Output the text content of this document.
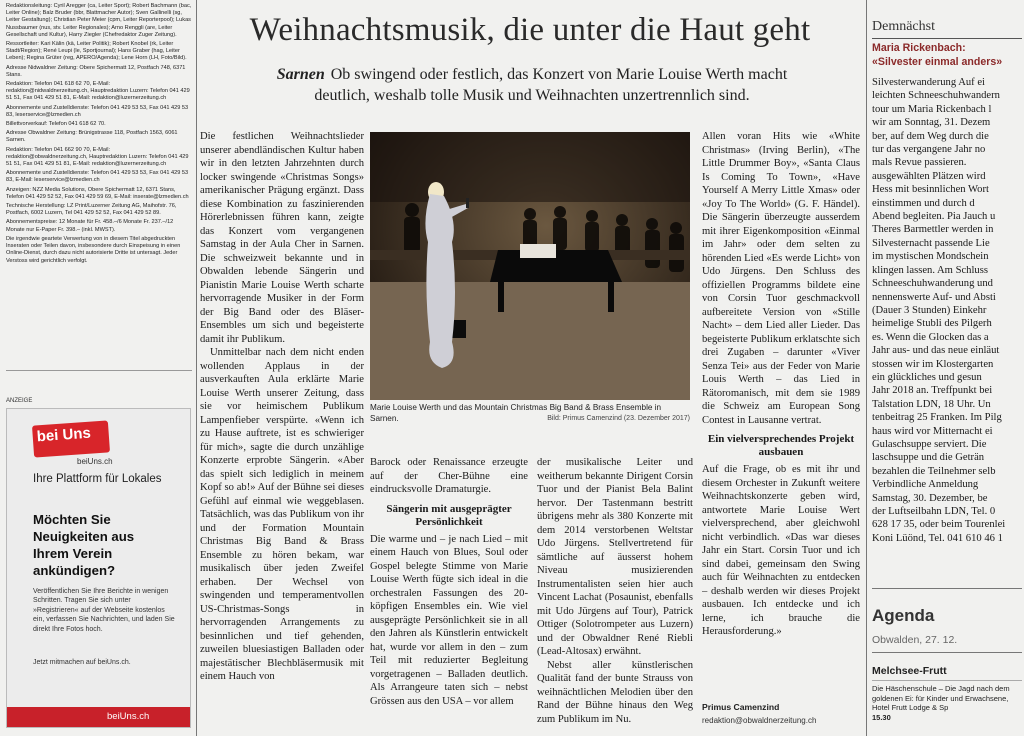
Redaktionsleitung: Cyril Aregger (ca, Leiter Sport); Robert Bachmann (bac, Leiter Online); Balz Bruder (bbr, Blattmacher Autor); Sven Gallinelli (sg, Leiter Gestaltung); Christian Peter Meier (cpm, Leiter Reporterpool); Lukas Nussbaumer (nus, stv. Leiter Regionales); Arno Renggli (are, Leiter Gesellschaft und Kultur), Harry Ziegler (Chefredaktor Zuger Zeitung).

Ressortleiter: Kari Kälin (kä, Leiter Politik); Robert Knobel (rk, Leiter Stadt/Region); René Leupi (le, Sportjournal); Hans Graber (hag, Leiter Leben); Regina Grüter (reg, APERO/Agenda); Lene Horn (LH, Foto/Bild).

Adresse Nidwaldner Zeitung: Obere Spichermatt 12, Postfach 748, 6371 Stans.

Redaktion: Telefon 041 618 62 70, E-Mail: redaktion@nidwaldnerzeitung.ch, Hauptredaktion Luzern: Telefon 041 429 51 51, Fax 041 429 51 81, E-Mail: redaktion@luzernerzeitung.ch

Abonnemente und Zustelldienste: Telefon 041 429 53 53, Fax 041 429 53 83, leserservice@lzmedien.ch

Billettvorverkauf: Telefon 041 618 62 70.

Adresse Obwaldner Zeitung: Brünigstrasse 118, Postfach 1563, 6061 Sarnen.

Redaktion: Telefon 041 662 90 70, E-Mail: redaktion@obwaldnerzeitung.ch, Hauptredaktion Luzern: Telefon 041 429 51 51, Fax 041 429 51 81, E-Mail: redaktion@luzernerzeitung.ch

Abonnemente und Zustelldienste: Telefon 041 429 53 53, Fax 041 429 53 83, E-Mail: leserservice@lzmedien.ch

Anzeigen: NZZ Media Solutions, Obere Spichermatt 12, 6371 Stans, Telefon 041 429 52 52, Fax 041 429 59 69, E-Mail: inserate@lzmedien.ch

Technische Herstellung: LZ Print/Luzerner Zeitung AG, Maihofstr. 76, Postfach, 6002 Luzern, Tel 041 429 52 52, Fax 041 429 52 89.

Abonnementspreise: 12 Monate für Fr. 458.–/6 Monate Fr. 237.–/12 Monate nur E-Paper Fr. 398.– (inkl. MWST).

Die irgendwie geartete Verwertung von in diesem Titel abgedruckten Inseraten oder Teilen davon, insbesondere durch Einspeisung in einen Online-Dienst, durch dazu nicht autorisierte Dritte ist untersagt. Jeder Verstoss wird gerichtlich verfolgt.

ANZEIGE
bei Uns
beiUns.ch
Ihre Plattform für Lokales
Möchten Sie Neuigkeiten aus Ihrem Verein ankündigen?
Veröffentlichen Sie Ihre Berichte in wenigen Schritten. Tragen Sie sich unter »Registrieren« auf der Webseite kostenlos ein, verfassen Sie Nachrichten, und laden Sie direkt Ihre Fotos hoch.
Jetzt mitmachen auf beiUns.ch.
beiUns.ch
Weihnachtsmusik, die unter die Haut geht
Sarnen Ob swingend oder festlich, das Konzert von Marie Louise Werth macht deutlich, weshalb tolle Musik und Weihnachten unzertrennlich sind.

Die festlichen Weihnachtslieder unserer abendländischen Kultur haben wir in den letzten Jahrzehnten durch locker swingende «Christmas Songs» amerikanischer Prägung ergänzt. Dass diese Kombination zu faszinierenden Hörerlebnissen führen kann, zeigte das Konzert vom vergangenen Samstag in der Aula Cher in Sarnen. Die schweizweit bekannte und in Obwalden lebende Sängerin und Pianistin Marie Louise Werth scharte hervorragende Musiker in der Form der Big Band oder des Bläser-Ensembles um sich und begeisterte damit ihr Publikum.

Unmittelbar nach dem nicht enden wollenden Applaus in der ausverkauften Aula erklärte Marie Louise Werth unserer Zeitung, dass sie vor heimischem Publikum Lampenfieber verspürte. «Wenn ich zu Hause auftrete, ist es schwieriger für mich», sagte die durch unzählige Konzerte erprobte Sängerin. «Aber das spielt sich lediglich in meinem Kopf so ab!» Auf der Bühne sei dieses Gefühl auf einmal wie weggeblasen. Tatsächlich, was das Publikum von ihr und der Formation Mountain Christmas Big Band & Brass Ensemble zu hören bekam, war musikalisch über jeden Zweifel erhaben. Der Wechsel von swingenden und temperamentvollen US-Christmas-Songs in hervorragenden Arrangements zu besinnlichen und tief gehenden, zuweilen bluesiastigen Balladen oder majestätischer Blechbläsermusik mit einem Hauch von

Marie Louise Werth und das Mountain Christmas Big Band & Brass Ensemble in Sarnen.	Bild: Primus Camenzind (23. Dezember 2017)

Barock oder Renaissance erzeugte auf der Cher-Bühne eine eindrucksvolle Dramaturgie.

Sängerin mit ausgeprägter Persönlichkeit

Die warme und – je nach Lied – mit einem Hauch von Blues, Soul oder Gospel belegte Stimme von Marie Louise Werth fügte sich ideal in die orchestralen Fassungen des 20-köpfigen Ensembles ein. Wie viel ausgeprägte Persönlichkeit sie in all den Jahren als Künstlerin entwickelt hat, wurde vor allem in den – zum Teil mit reduzierter Begleitung vorgetragenen – Balladen deutlich. Als Arrangeure taten sich – nebst Grössen aus den USA – vor allem

der musikalische Leiter und weitherum bekannte Dirigent Corsin Tuor und der Pianist Bela Balint hervor. Der Tastenmann bestritt übrigens mehr als 380 Konzerte mit dem 2014 verstorbenen Weltstar Udo Jürgens. Stellvertretend für sämtliche auf äusserst hohem Niveau musizierenden Instrumentalisten seien hier auch Vincent Lachat (Posaunist, ebenfalls mit Udo Jürgens auf Tour), Patrick Ottiger (Solotrompeter aus Luzern) und der Obwaldner René Riebli (Lead-Altosax) erwähnt.

Nebst aller künstlerischen Qualität fand der bunte Strauss von weihnächtlichen Melodien über den Rand der Bühne hinaus den Weg zum Publikum im Nu.

Allen voran Hits wie «White Christmas» (Irving Berlin), «The Little Drummer Boy», «Santa Claus Is Coming To Town», «Have Yourself A Merry Little Xmas» oder «Joy To The World» (G. F. Händel). Die Sängerin überzeugte ausserdem mit ihrer Eigenkomposition «Einmal im Jahr» oder dem selten zu hörenden Lied «Es werde Licht» von Udo Jürgens. Den Schluss des offiziellen Programms bildete eine von Corsin Tuor geschmackvoll aufbereitete Version von «Stille Nacht» – dem Lied aller Lieder. Das begeisterte Publikum erklatschte sich drei Zugaben – darunter «Viver Senza Tei» aus der Feder von Marie Louis Werth – das Lied in Rätoromanisch, mit dem sie 1989 die Schweiz am European Song Contest in Lausanne vertrat.

Ein vielversprechendes Projekt ausbauen

Auf die Frage, ob es mit ihr und diesem Orchester in Zukunft weitere Weihnachtskonzerte geben wird, antwortete Marie Louise Wert vielversprechend, aber gleichwohl nicht verbindlich. «Das war dieses Jahr ein Start. Corsin Tuor und ich sind dabei, gemeinsam den Swing auch für Weihnachten zu entdecken – deshalb werden wir dieses Projekt ausbauen. Ich entdecke und ich lerne, ich brauche die Herausforderung.»

Primus Camenzind
redaktion@obwaldnerzeitung.ch
Demnächst
Maria Rickenbach:
«Silvester einmal anders»

Silvesterwanderung Auf ei

leichten Schneeschuhwandern

tour um Maria Rickenbach l

wir am Sonntag, 31. Dezem

ber, auf dem Weg durch die

tur das vergangene Jahr no

mals Revue passieren.

ausgewählten Plätzen wird

Hess mit besinnlichen Wort

einstimmen und durch d

Abend begleiten. Pia Jauch u

Theres Barmettler werden in

Silvesternacht passende Lie

im mystischen Mondschein

klingen lassen. Am Schluss

Schneeschuhwanderung und

nennenswerte Auf- und Absti

(Dauer 3 Stunden) Einkehr

heimelige Stubli des Pilgerh

es. Wenn die Glocken das a

Jahr aus- und das neue einläut

stossen wir im Klostergarten

ein glückliches und gesun

Jahr 2018 an. Treffpunkt bei

Talstation LDN, 18 Uhr. Un

tenbeitrag 25 Franken. Im Pilg

haus wird vor Mitternacht ei

Gulaschsuppe serviert. Die

laschsuppe und die Geträn

bezahlen die Teilnehmer selb

Verbindliche Anmeldung

Samstag, 30. Dezember, be

der Luftseilbahn LDN, Tel. 0

628 17 35, oder beim Tourenlei

Koni Lüönd, Tel. 041 610 46 1

Agenda
Obwalden, 27. 12.
Melchsee-Frutt
Die Häschenschule – Die Jagd nach dem goldenen Ei: für Kinder und Erwachsene, Hotel Frutt Lodge & Sp
15.30
